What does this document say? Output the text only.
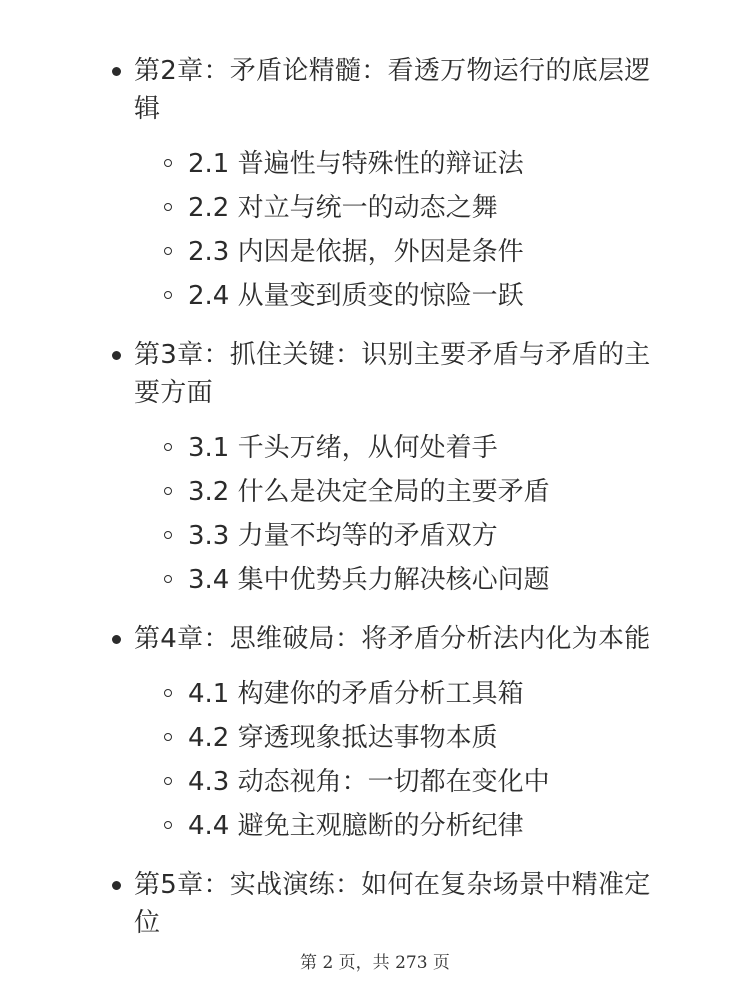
第2章：矛盾论精髓：看透万物运行的底层逻辑
2.1 普遍性与特殊性的辩证法
2.2 对立与统一的动态之舞
2.3 内因是依据，外因是条件
2.4 从量变到质变的惊险一跃
第3章：抓住关键：识别主要矛盾与矛盾的主要方面
3.1 千头万绪，从何处着手
3.2 什么是决定全局的主要矛盾
3.3 力量不均等的矛盾双方
3.4 集中优势兵力解决核心问题
第4章：思维破局：将矛盾分析法内化为本能
4.1 构建你的矛盾分析工具箱
4.2 穿透现象抵达事物本质
4.3 动态视角：一切都在变化中
4.4 避免主观臆断的分析纪律
第5章：实战演练：如何在复杂场景中精准定位
第 2 页，共 273 页
